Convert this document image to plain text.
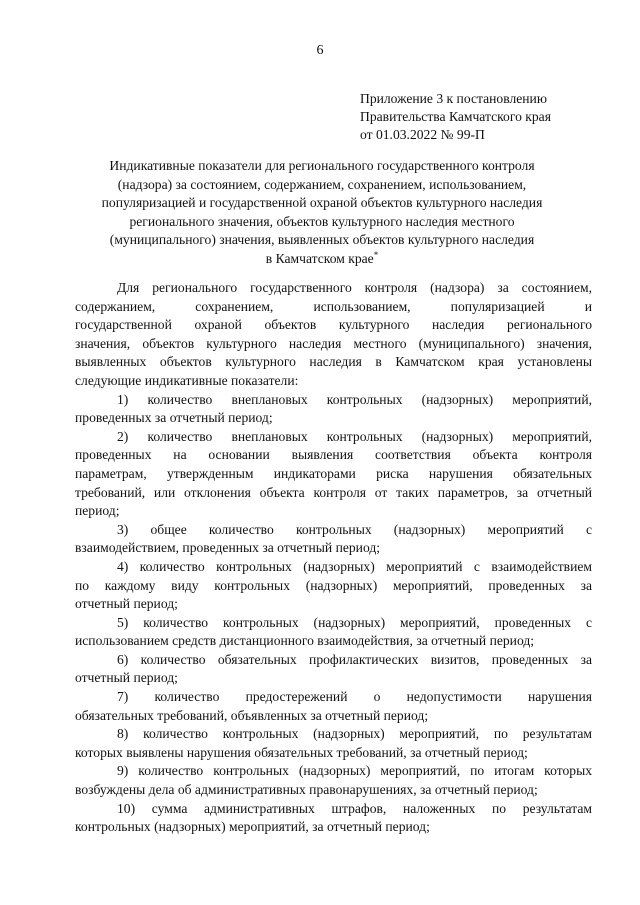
6
Приложение 3 к постановлению
Правительства Камчатского края
от 01.03.2022 № 99-П
Индикативные показатели для регионального государственного контроля
(надзора) за состоянием, содержанием, сохранением, использованием,
популяризацией и государственной охраной объектов культурного наследия
регионального значения, объектов культурного наследия местного
(муниципального) значения, выявленных объектов культурного наследия
в Камчатском крае*
Для регионального государственного контроля (надзора) за состоянием,
содержанием, сохранением, использованием, популяризацией и
государственной охраной объектов культурного наследия регионального
значения, объектов культурного наследия местного (муниципального) значения,
выявленных объектов культурного наследия в Камчатском края установлены
следующие индикативные показатели:
1) количество внеплановых контрольных (надзорных) мероприятий,
проведенных за отчетный период;
2) количество внеплановых контрольных (надзорных) мероприятий,
проведенных на основании выявления соответствия объекта контроля
параметрам, утвержденным индикаторами риска нарушения обязательных
требований, или отклонения объекта контроля от таких параметров, за отчетный
период;
3) общее количество контрольных (надзорных) мероприятий с
взаимодействием, проведенных за отчетный период;
4) количество контрольных (надзорных) мероприятий с взаимодействием
по каждому виду контрольных (надзорных) мероприятий, проведенных за
отчетный период;
5) количество контрольных (надзорных) мероприятий, проведенных с
использованием средств дистанционного взаимодействия, за отчетный период;
6) количество обязательных профилактических визитов, проведенных за
отчетный период;
7) количество предостережений о недопустимости нарушения
обязательных требований, объявленных за отчетный период;
8) количество контрольных (надзорных) мероприятий, по результатам
которых выявлены нарушения обязательных требований, за отчетный период;
9) количество контрольных (надзорных) мероприятий, по итогам которых
возбуждены дела об административных правонарушениях, за отчетный период;
10) сумма административных штрафов, наложенных по результатам
контрольных (надзорных) мероприятий, за отчетный период;
